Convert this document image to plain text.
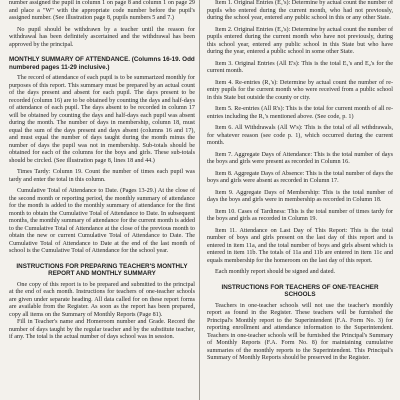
number assigned the pupil in column 1 on page 8 and column 1 on page 29 and place a "W" with the appropriate code number before the pupil's assigned number. (See illustration page 8, pupils numbers 5 and 7.)

No pupil should be withdrawn by a teacher until the reason for withdrawal has been definitely ascertained and the withdrawal has been approved by the principal.

MONTHLY SUMMARY OF ATTENDANCE. (Columns 16-19. Odd numbered pages 11-29 inclusive.)

The record of attendance of each pupil is to be summarized monthly for purposes of this report. This summary must be prepared by an actual count of the days present and absent for each pupil. The days present to be recorded (column 16) are to be obtained by counting the days and half-days of attendance of each pupil. The days absent to be recorded in column 17 will be obtained by counting the days and half-days each pupil was absent during the month. The number of days in membership, column 18, must equal the sum of the days present and days absent (columns 16 and 17), and must equal the number of days taught during the month minus the number of days the pupil was not in membership. Sub-totals should be obtained for each of the columns for the boys and girls. These sub-totals should be circled. (See illustration page 8, lines 18 and 44.)

Times Tardy: Column 19. Count the number of times each pupil was tardy and enter the total in this column.

Cumulative Total of Attendance to Date. (Pages 13-29.) At the close of the second month or reporting period, the monthly summary of attendance for the month is added to the monthly summary of attendance for the first month to obtain the Cumulative Total of Attendance to Date. In subsequent months, the monthly summary of attendance for the current month is added to the Cumulative Total of Attendance at the close of the previous month to obtain the new or current Cumulative Total of Attendance to Date. The Cumulative Total of Attendance to Date at the end of the last month of school is the Cumulative Total of Attendance for the school year.

INSTRUCTIONS FOR PREPARING TEACHER'S MONTHLY REPORT AND MONTHLY SUMMARY

One copy of this report is to be prepared and submitted to the principal at the end of each month. Instructions for teachers of one-teacher schools are given under separate heading. All data called for on these report forms are available from the Register. As soon as the report has been prepared, copy all items on the Summary of Monthly Reports (Page 81).

Fill in Teacher's name and Homeroom number and Grade. Record the number of days taught by the regular teacher and by the substitute teacher, if any. The total is the actual number of days school was in session.

Item 1. Original Entries (E₁'s): Determine by actual count the number of pupils who entered during the current month, who had not previously, during the school year, entered any public school in this or any other State.

Item 2. Original Entries (E₂'s): Determine by actual count the number of pupils entered during the current month who have not previously, during this school year, entered any public school in this State but who have during the year, entered a public school in some other State.

Item 3. Original Entries (All E's): This is the total E₁'s and E₂'s for the current month.

Item 4. Re-entries (R₁'s): Determine by actual count the number of re-entry pupils for the current month who were received from a public school in this State but outside the county or city.

Item 5. Re-entries (All R's): This is the total for current month of all re-entries including the R₁'s mentioned above. (See code, p. 1)

Item 6. All Withdrawals (All W's): This is the total of all withdrawals, for whatever reason (see code p. 1), which occurred during the current month.

Item 7. Aggregate Days of Attendance: This is the total number of days the boys and girls were present as recorded in Column 16.

Item 8. Aggregate Days of Absence: This is the total number of days the boys and girls were absent as recorded in Column 17.

Item 9. Aggregate Days of Membership: This is the total number of days the boys and girls were in membership as recorded in Column 18.

Item 10. Cases of Tardiness: This is the total number of times tardy for the boys and girls as recorded in Column 19.

Item 11. Attendance on Last Day of This Report: This is the total number of boys and girls present on the last day of this report and is entered in item 11a, and the total number of boys and girls absent which is entered in item 11b. The totals of 11a and 11b are entered in item 11c and equals membership for the homeroom on the last day of this report.

Each monthly report should be signed and dated.

INSTRUCTIONS FOR TEACHERS OF ONE-TEACHER SCHOOLS

Teachers in one-teacher schools will not use the teacher's monthly report as found in the Register. These teachers will be furnished the Principal's Monthly report to the Superintendent (F.A. Form No. 3) for reporting enrollment and attendance information to the Superintendent. Teachers in one-teacher schools will be furnished the Principal's Summary of Monthly Reports (F.A. Form No. 8) for maintaining cumulative summaries of the monthly reports to the Superintendent. This Principal's Summary of Monthly Reports should be preserved in the Register.
